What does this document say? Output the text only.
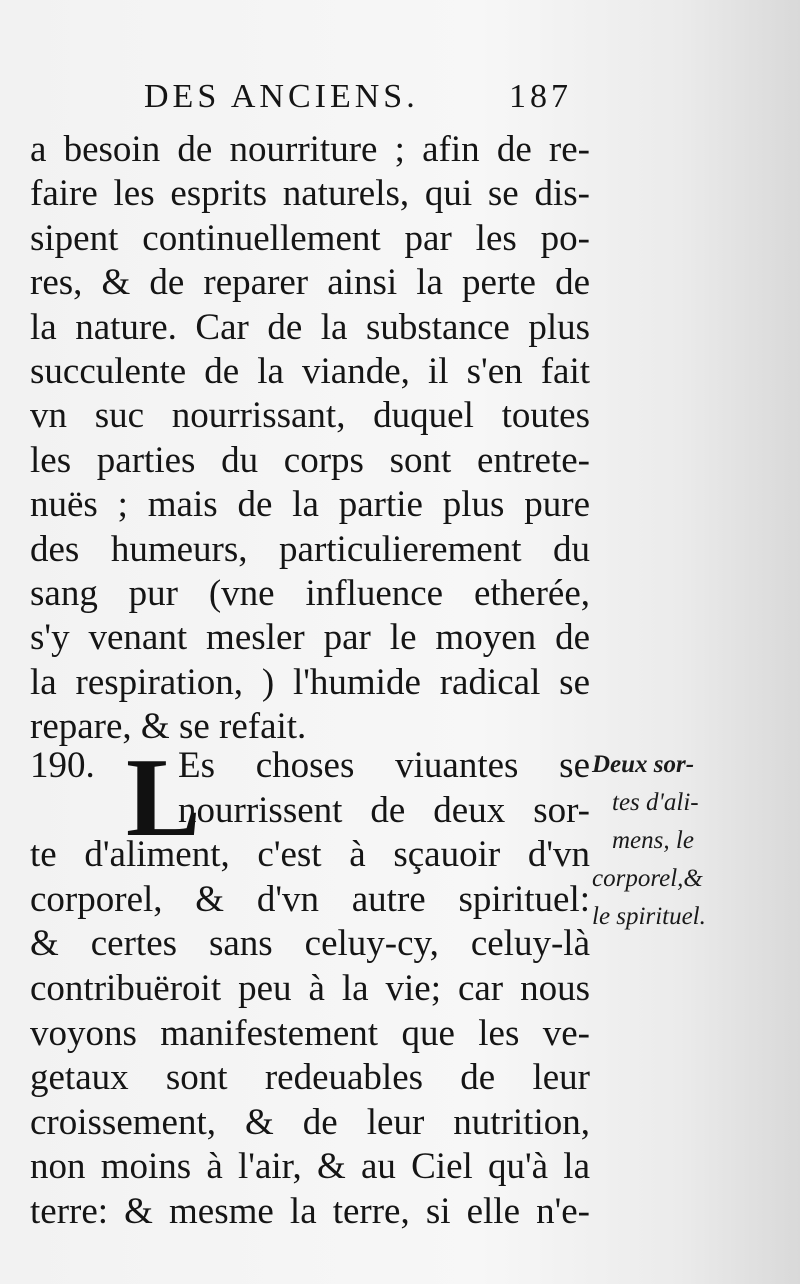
DES ANCIENS.	187
a besoin de nourriture ; afin de re-
faire les esprits naturels, qui se dis-
sipent continuellement par les po-
res, & de reparer ainsi la perte de
la nature. Car de la substance plus
succulente de la viande, il s'en fait
vn suc nourrissant, duquel toutes
les parties du corps sont entrete-
nuës ; mais de la partie plus pure
des humeurs, particulierement du
sang pur (vne influence etherée,
s'y venant mesler par le moyen de
la respiration, ) l'humide radical se
repare, & se refait.
L
190.	Es choses viuantes se
nourrissent de deux sor-
te d'aliment, c'est à sçauoir d'vn
corporel, & d'vn autre spirituel:
& certes sans celuy-cy, celuy-là
contribuëroit peu à la vie; car nous
voyons manifestement que les ve-
getaux sont redeuables de leur
croissement, & de leur nutrition,
non moins à l'air, & au Ciel qu'à la
terre: & mesme la terre, si elle n'e-
Deux sor-
tes d'ali-
mens, le
corporel,&
le spirituel.
